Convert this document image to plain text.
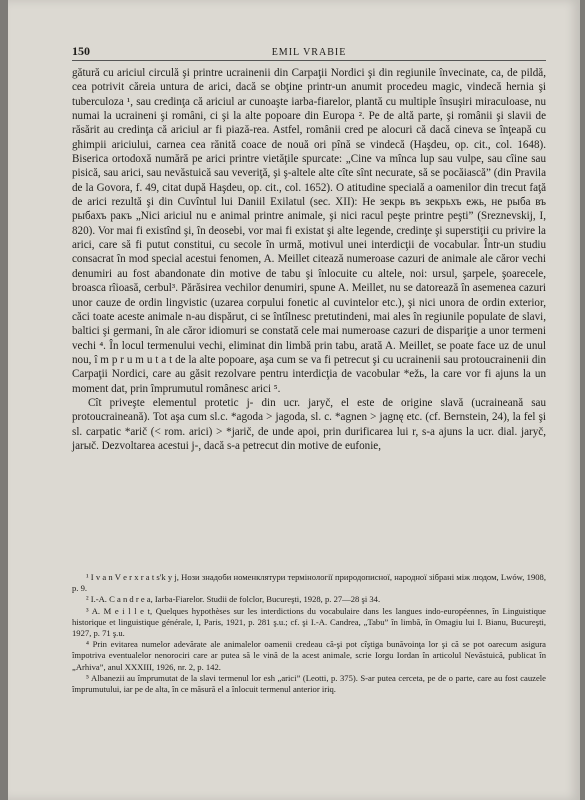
150	EMIL VRABIE

gătură cu ariciul circulă şi printre ucrainenii din Carpaţii Nordici şi din regiunile învecinate, ca, de pildă, cea potrivit căreia untura de arici, dacă se obţine printr-un anumit procedeu magic, vindecă hernia şi tuberculoza ¹, sau credinţa că ariciul ar cunoaşte iarba-fiarelor, plantă cu multiple însuşiri miraculoase, nu numai la ucraineni şi români, ci şi la alte popoare din Europa ². Pe de altă parte, şi românii şi slavii de răsărit au credinţa că ariciul ar fi piază-rea. Astfel, românii cred pe alocuri că dacă cineva se înţeapă cu ghimpii ariciului, carnea cea rănită coace de nouă ori pînă se vindecă (Haşdeu, op. cit., col. 1648). Biserica ortodoxă numără pe arici printre vietăţile spurcate: „Cine va mînca lup sau vulpe, sau cîine sau pisică, sau arici, sau nevăstuică sau veveriţă, şi ş-altele alte cîte sînt necurate, să se pocăiască” (din Pravila de la Govora, f. 49, citat după Haşdeu, op. cit., col. 1652). O atitudine specială a oamenilor din trecut faţă de arici rezultă şi din Cuvîntul lui Daniil Exilatul (sec. XII): Не зекрь въ зекрьхъ ежь, не рыба въ рыбахъ ракъ „Nici ariciul nu e animal printre animale, şi nici racul peşte printre peşti” (Sreznevskij, I, 820). Vor mai fi existînd şi, în deosebi, vor mai fi existat şi alte legende, credinţe şi superstiţii cu privire la arici, care să fi putut constitui, cu secole în urmă, motivul unei interdicţii de vocabular. Într-un studiu consacrat în mod special acestui fenomen, A. Meillet citează numeroase cazuri de animale ale căror vechi denumiri au fost abandonate din motive de tabu şi înlocuite cu altele, noi: ursul, şarpele, şoarecele, broasca rîioasă, cerbul³. Părăsirea vechilor denumiri, spune A. Meillet, nu se datorează în asemenea cazuri unor cauze de ordin lingvistic (uzarea corpului fonetic al cuvintelor etc.), şi nici unora de ordin exterior, căci toate aceste animale n-au dispărut, ci se întîlnesc pretutindeni, mai ales în regiunile populate de slavi, baltici şi germani, în ale căror idiomuri se constată cele mai numeroase cazuri de dispariţie a unor termeni vechi ⁴. În locul termenului vechi, eliminat din limbă prin tabu, arată A. Meillet, se poate face uz de unul nou, î m p r u m u t a t de la alte popoare, aşa cum se va fi petrecut şi cu ucrainenii sau protoucrainenii din Carpaţii Nordici, care au găsit rezolvare pentru interdicţia de vacobular *ežь, la care vor fi ajuns la un moment dat, prin împrumutul românesc arici ⁵.

Cît priveşte elementul protetic j- din ucr. jaryč, el este de origine slavă (ucraineană sau protoucraineană). Tot aşa cum sl.c. *agoda > jagoda, sl. c. *agnen > jagnę etc. (cf. Bernstein, 24), la fel şi sl. carpatic *arič (< rom. arici) > *jarič, de unde apoi, prin durificarea lui r, s-a ajuns la ucr. dial. jaryč, jarыč. Dezvoltarea acestui j-, dacă s-a petrecut din motive de eufonie,

¹ I v a n V e r x r a t s'k y j, Нози знадоби номенклятури термінології природописної, народної зібрані між людом, Lwów, 1908, p. 9.

² I.-A. C a n d r e a, Iarba-Fiarelor. Studii de folclor, Bucureşti, 1928, p. 27—28 şi 34.

³ A. M e i l l e t, Quelques hypothèses sur les interdictions du vocabulaire dans les langues indo-européennes, în Linguistique historique et linguistique générale, I, Paris, 1921, p. 281 ş.u.; cf. şi I.-A. Candrea, „Tabu” în limbă, în Omagiu lui I. Bianu, Bucureşti, 1927, p. 71 ş.u.

⁴ Prin evitarea numelor adevărate ale animalelor oamenii credeau că-şi pot cîştiga bunăvoinţa lor şi că se pot oarecum asigura împotriva eventualelor nenorociri care ar putea să le vină de la acest animale, scrie Iorgu Iordan în articolul Nevăstuică, publicat în „Arhiva”, anul XXXIII, 1926, nr. 2, p. 142.

⁵ Albanezii au împrumutat de la slavi termenul lor esh „arici” (Leotti, p. 375). S-ar putea cerceta, pe de o parte, care au fost cauzele împrumutului, iar pe de alta, în ce măsură el a înlocuit termenul anterior iriq.
